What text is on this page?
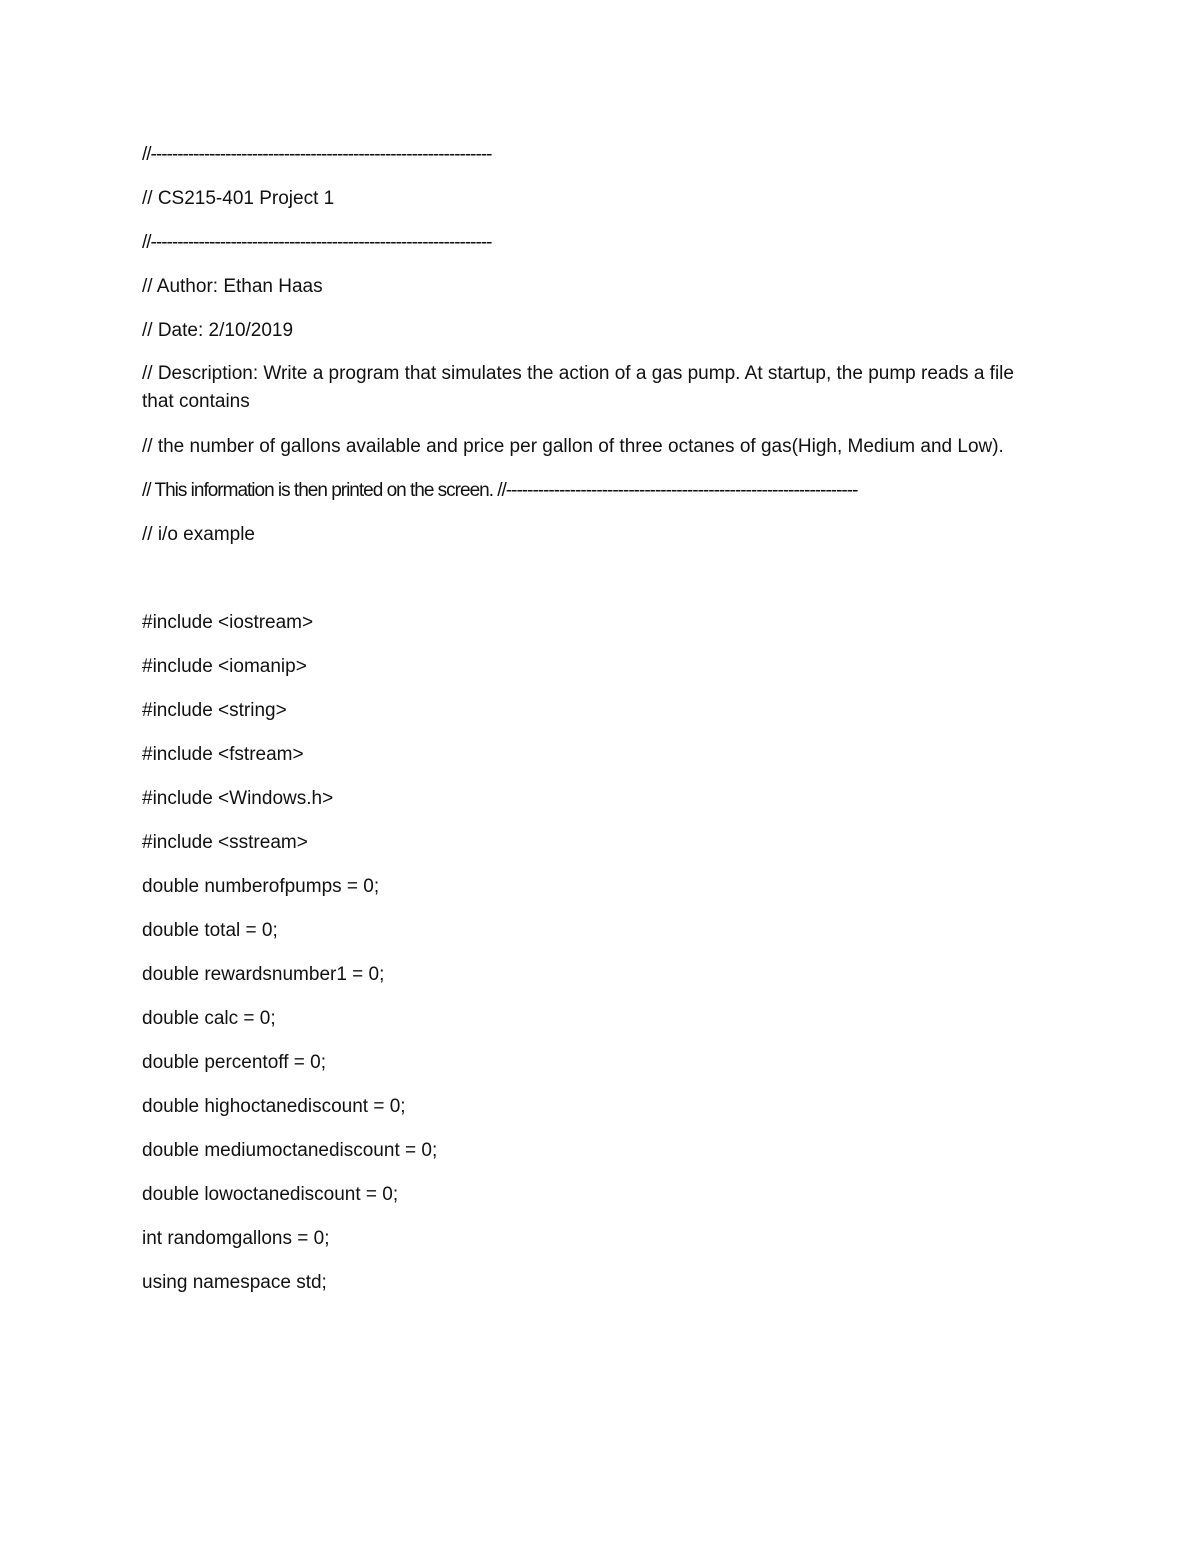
//----------------------------------------------------------------
// CS215-401 Project 1
//----------------------------------------------------------------
// Author: Ethan Haas
// Date: 2/10/2019
// Description: Write a program that simulates the action of a gas pump. At startup, the pump reads a file that contains
// the number of gallons available and price per gallon of three octanes of gas(High, Medium and Low).
// This information is then printed on the screen. //------------------------------------------------------------------
// i/o example
#include <iostream>
#include <iomanip>
#include <string>
#include <fstream>
#include <Windows.h>
#include <sstream>
double numberofpumps = 0;
double total = 0;
double rewardsnumber1 = 0;
double calc = 0;
double percentoff = 0;
double highoctanediscount = 0;
double mediumoctanediscount = 0;
double lowoctanediscount = 0;
int randomgallons = 0;
using namespace std;
